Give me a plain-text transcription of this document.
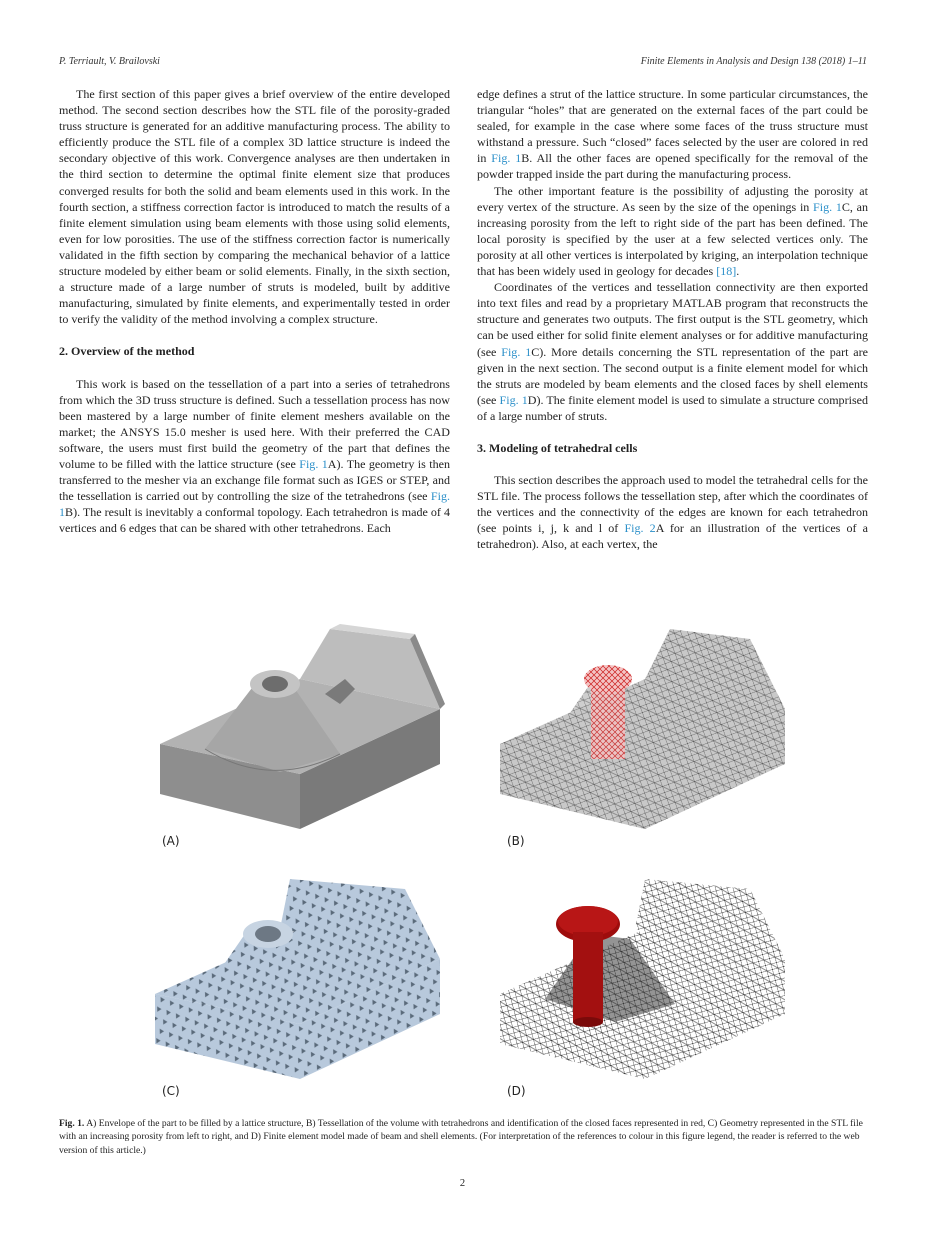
P. Terriault, V. Brailovski	Finite Elements in Analysis and Design 138 (2018) 1–11

The first section of this paper gives a brief overview of the entire developed method. The second section describes how the STL file of the porosity-graded truss structure is generated for an additive manufacturing process. The ability to efficiently produce the STL file of a complex 3D lattice structure is indeed the secondary objective of this work. Convergence analyses are then undertaken in the third section to determine the optimal finite element size that produces converged results for both the solid and beam elements used in this work. In the fourth section, a stiffness correction factor is introduced to match the results of a finite element simulation using beam elements with those using solid elements, even for low porosities. The use of the stiffness correction factor is numerically validated in the fifth section by comparing the mechanical behavior of a lattice structure modeled by either beam or solid elements. Finally, in the sixth section, a structure made of a large number of struts is modeled, built by additive manufacturing, simulated by finite elements, and experimentally tested in order to verify the validity of the method involving a complex structure.

2. Overview of the method

This work is based on the tessellation of a part into a series of tetrahedrons from which the 3D truss structure is defined. Such a tessellation process has now been mastered by a large number of finite element meshers available on the market; the ANSYS 15.0 mesher is used here. With their preferred the CAD software, the users must first build the geometry of the part that defines the volume to be filled with the lattice structure (see Fig. 1A). The geometry is then transferred to the mesher via an exchange file format such as IGES or STEP, and the tessellation is carried out by controlling the size of the tetrahedrons (see Fig. 1B). The result is inevitably a conformal topology. Each tetrahedron is made of 4 vertices and 6 edges that can be shared with other tetrahedrons. Each

edge defines a strut of the lattice structure. In some particular circumstances, the triangular “holes” that are generated on the external faces of the part could be sealed, for example in the case where some faces of the truss structure must withstand a pressure. Such “closed” faces selected by the user are colored in red in Fig. 1B. All the other faces are opened specifically for the removal of the powder trapped inside the part during the manufacturing process.

The other important feature is the possibility of adjusting the porosity at every vertex of the structure. As seen by the size of the openings in Fig. 1C, an increasing porosity from the left to right side of the part has been defined. The local porosity is specified by the user at a few selected vertices only. The porosity at all other vertices is interpolated by kriging, an interpolation technique that has been widely used in geology for decades [18].

Coordinates of the vertices and tessellation connectivity are then exported into text files and read by a proprietary MATLAB program that reconstructs the structure and generates two outputs. The first output is the STL geometry, which can be used either for solid finite element analyses or for additive manufacturing (see Fig. 1C). More details concerning the STL representation of the part are given in the next section. The second output is a finite element model for which the struts are modeled by beam elements and the closed faces by shell elements (see Fig. 1D). The finite element model is used to simulate a structure comprised of a large number of struts.

3. Modeling of tetrahedral cells

This section describes the approach used to model the tetrahedral cells for the STL file. The process follows the tessellation step, after which the coordinates of the vertices and the connectivity of the edges are known for each tetrahedron (see points i, j, k and l of Fig. 2A for an illustration of the vertices of a tetrahedron). Also, at each vertex, the

(A)	(B)
(C)	(D)
Fig. 1. A) Envelope of the part to be filled by a lattice structure, B) Tessellation of the volume with tetrahedrons and identification of the closed faces represented in red, C) Geometry represented in the STL file with an increasing porosity from left to right, and D) Finite element model made of beam and shell elements. (For interpretation of the references to colour in this figure legend, the reader is referred to the web version of this article.)
2
